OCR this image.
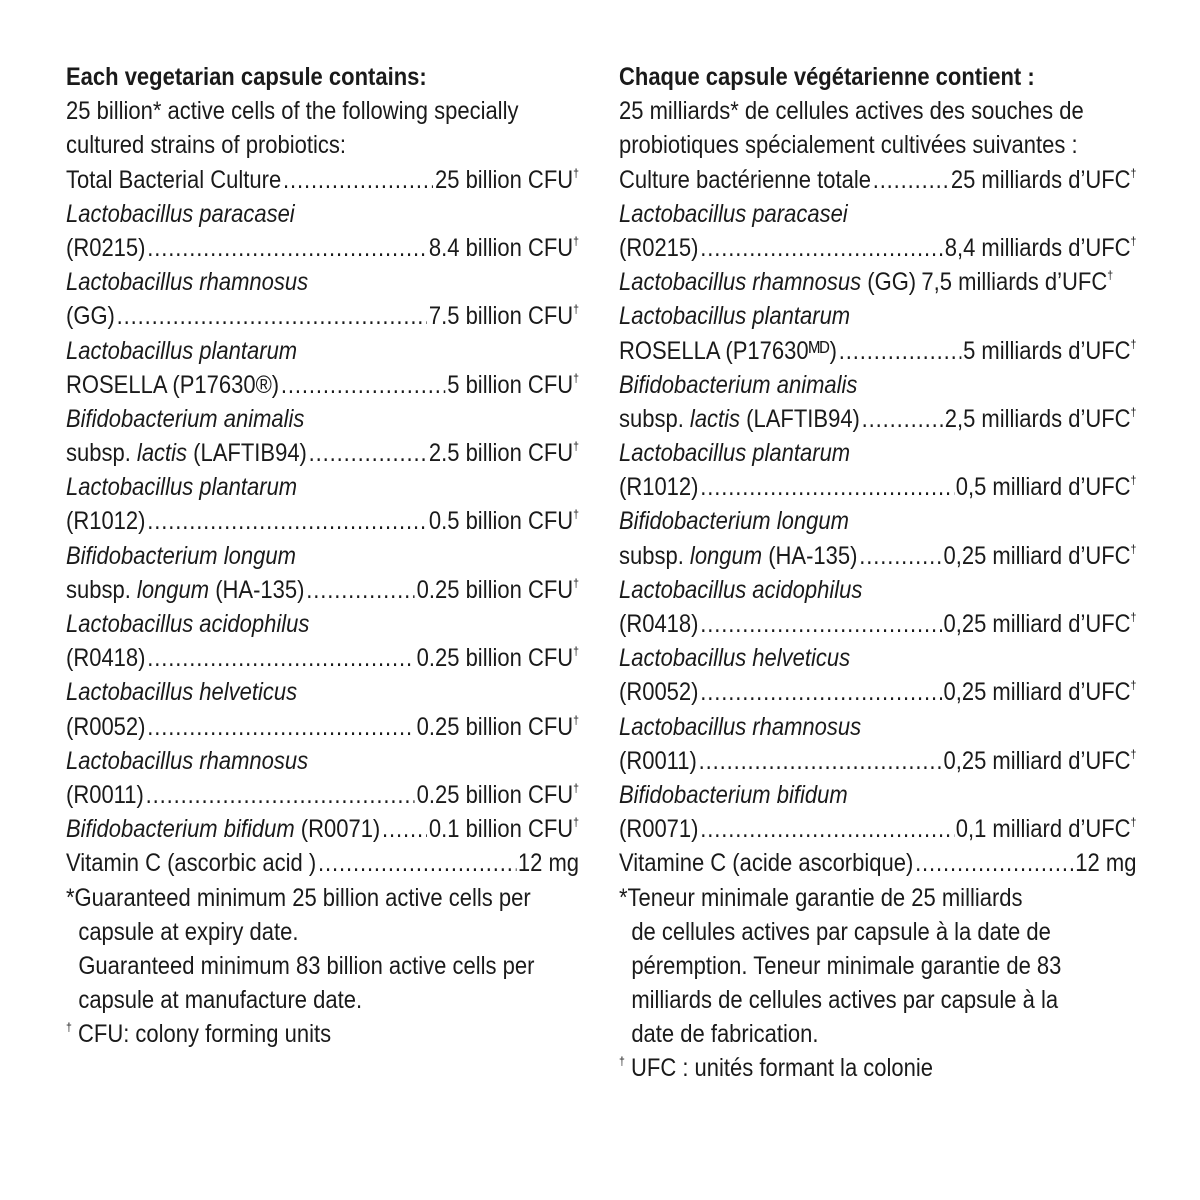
Each vegetarian capsule contains:
25 billion* active cells of the following specially
cultured strains of probiotics:
Total Bacterial Culture .....	25 billion CFU†
Lactobacillus paracasei
(R0215) .....	8.4 billion CFU†
Lactobacillus rhamnosus
(GG) .....	7.5 billion CFU†
Lactobacillus plantarum
ROSELLA (P17630®) .....	5 billion CFU†
Bifidobacterium animalis
subsp. lactis (LAFTIB94) .....	2.5 billion CFU†
Lactobacillus plantarum
(R1012) .....	0.5 billion CFU†
Bifidobacterium longum
subsp. longum (HA-135) .....	0.25 billion CFU†
Lactobacillus acidophilus
(R0418) .....	0.25 billion CFU†
Lactobacillus helveticus
(R0052) .....	0.25 billion CFU†
Lactobacillus rhamnosus
(R0011) .....	0.25 billion CFU†
Bifidobacterium bifidum (R0071) ..... 0.1 billion CFU†
Vitamin C (ascorbic acid ) .....	12 mg
*Guaranteed minimum 25 billion active cells per
capsule at expiry date.
Guaranteed minimum 83 billion active cells per
capsule at manufacture date.
† CFU: colony forming units
Chaque capsule végétarienne contient :
25 milliards* de cellules actives des souches de
probiotiques spécialement cultivées suivantes :
Culture bactérienne totale .....	25 milliards d’UFC†
Lactobacillus paracasei
(R0215) .....	8,4 milliards d’UFC†
Lactobacillus rhamnosus (GG) 7,5 milliards d’UFC†
Lactobacillus plantarum
ROSELLA (P17630ᴹᴰ) .....	5 milliards d’UFC†
Bifidobacterium animalis
subsp. lactis (LAFTIB94) .....	2,5 milliards d’UFC†
Lactobacillus plantarum
(R1012) .....	0,5 milliard d’UFC†
Bifidobacterium longum
subsp. longum (HA-135) .....	0,25 milliard d’UFC†
Lactobacillus acidophilus
(R0418) .....	0,25 milliard d’UFC†
Lactobacillus helveticus
(R0052) .....	0,25 milliard d’UFC†
Lactobacillus rhamnosus
(R0011) .....	0,25 milliard d’UFC†
Bifidobacterium bifidum
(R0071) .....	0,1 milliard d’UFC†
Vitamine C (acide ascorbique) .....	12 mg
*Teneur minimale garantie de 25 milliards
de cellules actives par capsule à la date de
péremption. Teneur minimale garantie de 83
milliards de cellules actives par capsule à la
date de fabrication.
† UFC : unités formant la colonie
